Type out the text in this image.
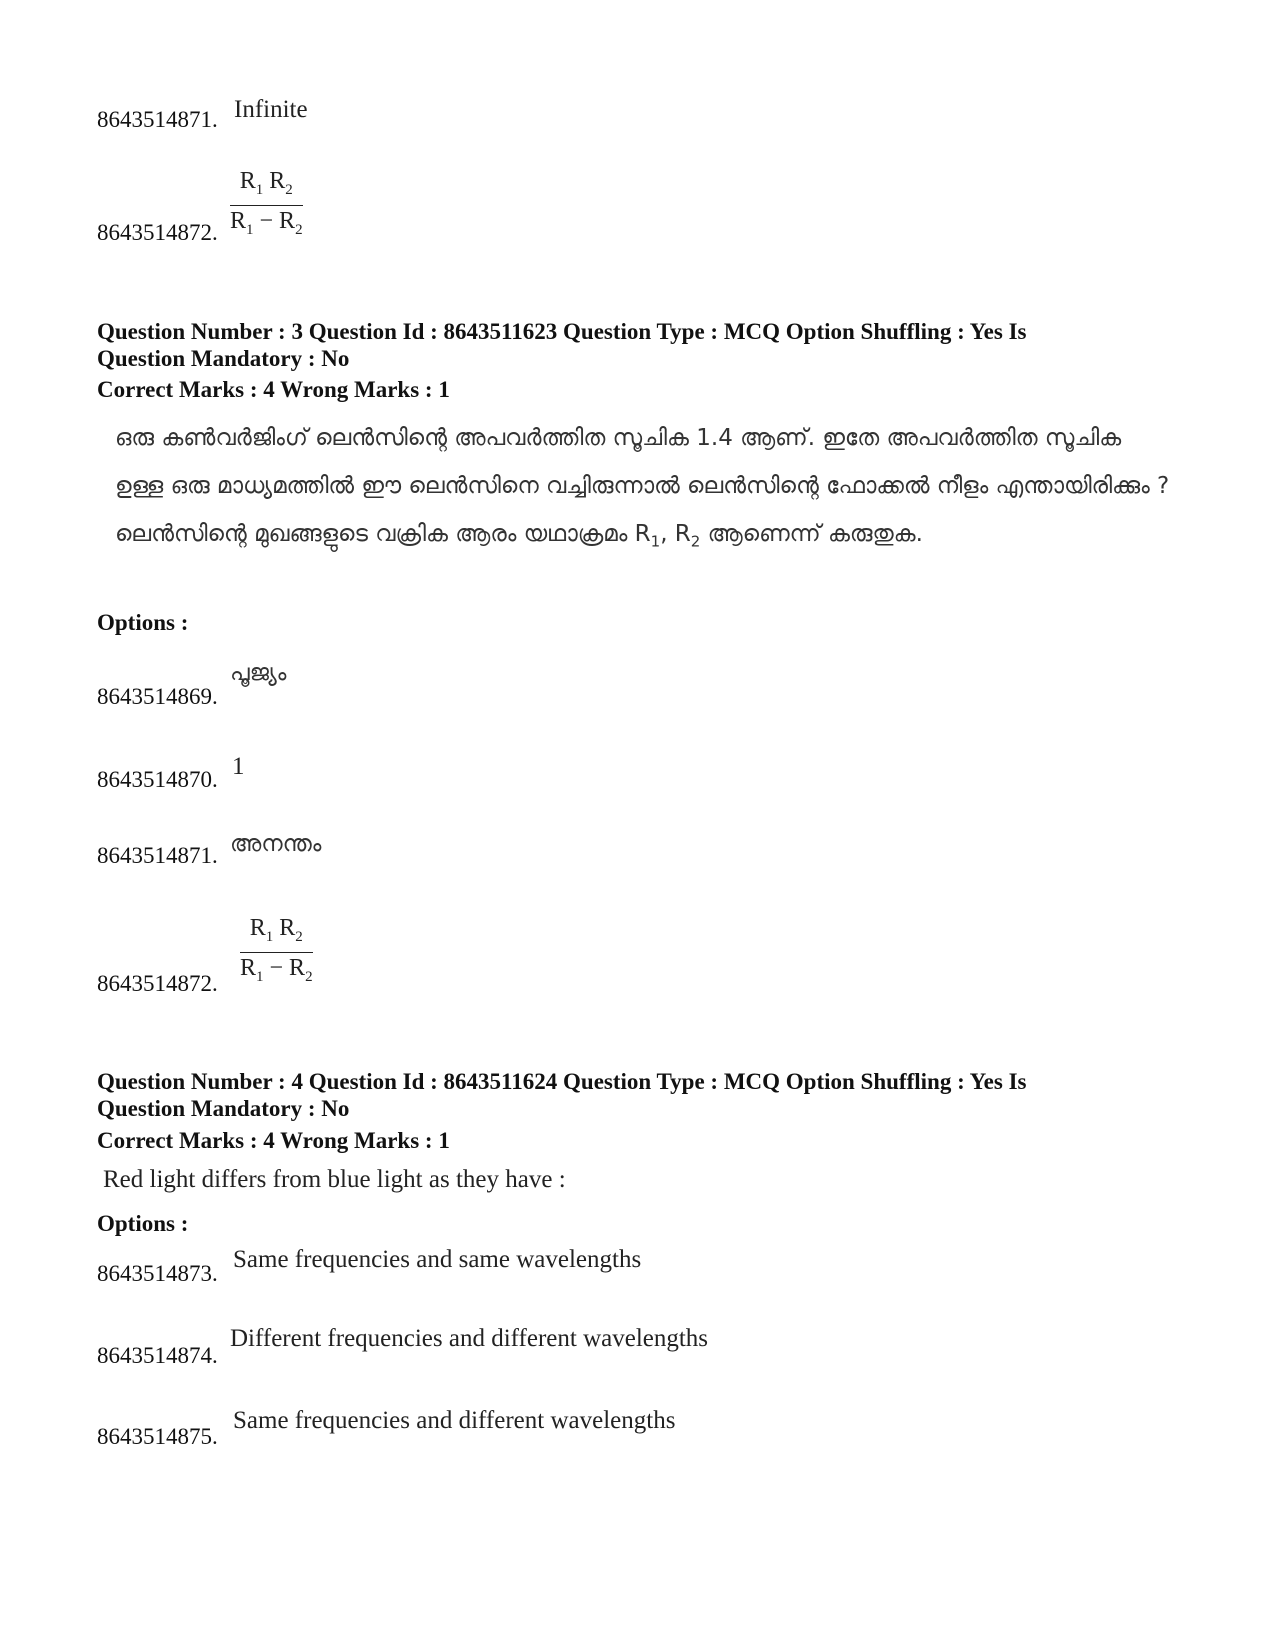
8643514871. Infinite
8643514872. $\frac{R_1 R_2}{R_1 - R_2}$
Question Number : 3 Question Id : 8643511623 Question Type : MCQ Option Shuffling : Yes Is
Question Mandatory : No
Correct Marks : 4 Wrong Marks : 1
ഒരു കൺവർജിംഗ് ലെൻസിന്റെ അപവർത്തിത സൂചിക 1.4 ആണ്. ഇതേ അപവർത്തിത സൂചിക ഉള്ള ഒരു മാധ്യമത്തിൽ ഈ ലെൻസിനെ വച്ചിരുന്നാൽ ലെൻസിന്റെ ഫോക്കൽ നീളം എന്തായിരിക്കും ? ലെൻസിന്റെ മുഖങ്ങളുടെ വക്രിക ആരം യഥാക്രമം $R_1$, $R_2$ ആണെന്ന് കരുതുക.
Options :
8643514869.
പൂജ്യം
8643514870. 1
8643514871. അനന്തം
8643514872. $\frac{R_1 R_2}{R_1 - R_2}$
Question Number : 4 Question Id : 8643511624 Question Type : MCQ Option Shuffling : Yes Is
Question Mandatory : No
Correct Marks : 4 Wrong Marks : 1
Red light differs from blue light as they have :
Options :
8643514873.
Same frequencies and same wavelengths
8643514874.
Different frequencies and different wavelengths
8643514875.
Same frequencies and different wavelengths
